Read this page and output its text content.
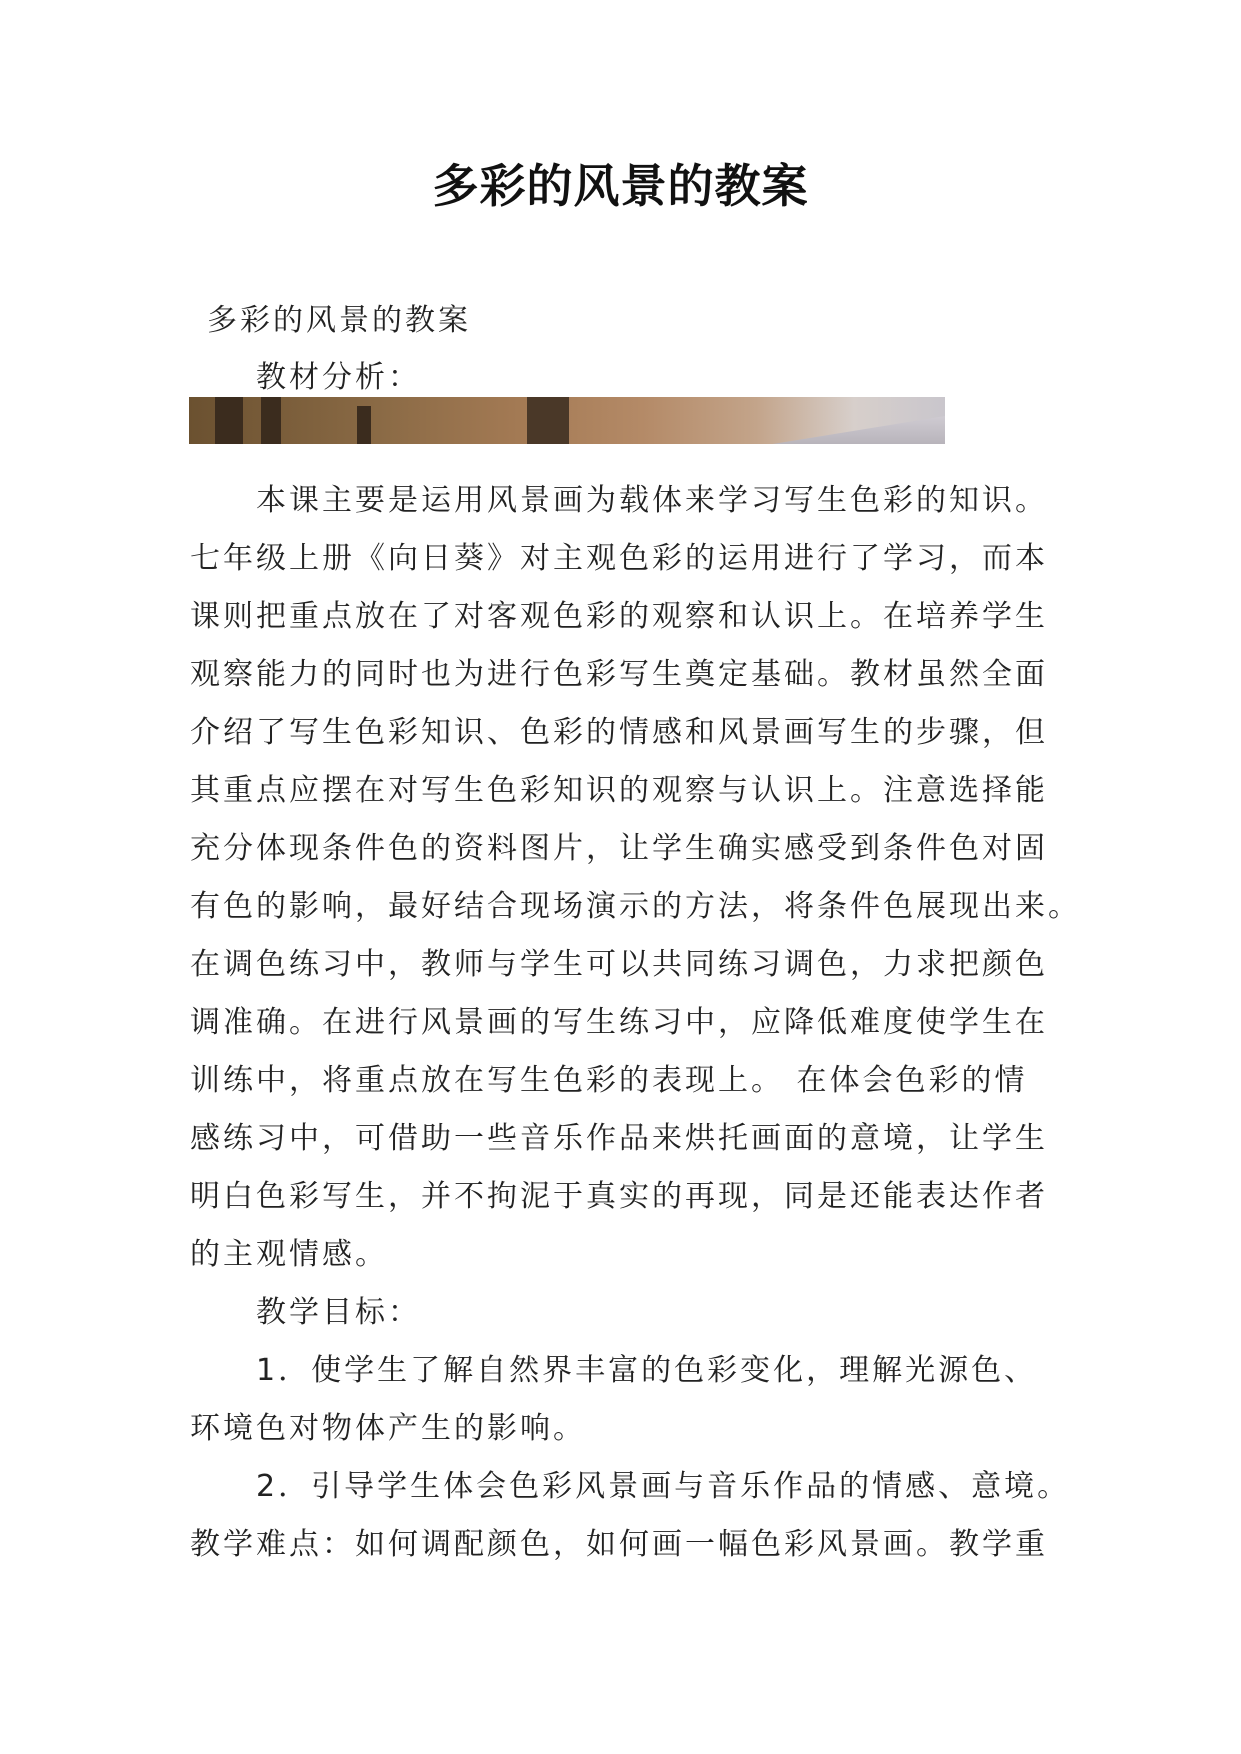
多彩的风景的教案

多彩的风景的教案

教材分析：

本课主要是运用风景画为载体来学习写生色彩的知识。

七年级上册《向日葵》对主观色彩的运用进行了学习，而本

课则把重点放在了对客观色彩的观察和认识上。在培养学生

观察能力的同时也为进行色彩写生奠定基础。教材虽然全面

介绍了写生色彩知识、色彩的情感和风景画写生的步骤，但

其重点应摆在对写生色彩知识的观察与认识上。注意选择能

充分体现条件色的资料图片，让学生确实感受到条件色对固

有色的影响，最好结合现场演示的方法，将条件色展现出来。

在调色练习中，教师与学生可以共同练习调色，力求把颜色

调准确。在进行风景画的写生练习中，应降低难度使学生在

训练中，将重点放在写生色彩的表现上。 在体会色彩的情

感练习中，可借助一些音乐作品来烘托画面的意境，让学生

明白色彩写生，并不拘泥于真实的再现，同是还能表达作者

的主观情感。

教学目标：

1．使学生了解自然界丰富的色彩变化，理解光源色、

环境色对物体产生的影响。

2．引导学生体会色彩风景画与音乐作品的情感、意境。

教学难点：如何调配颜色，如何画一幅色彩风景画。教学重
